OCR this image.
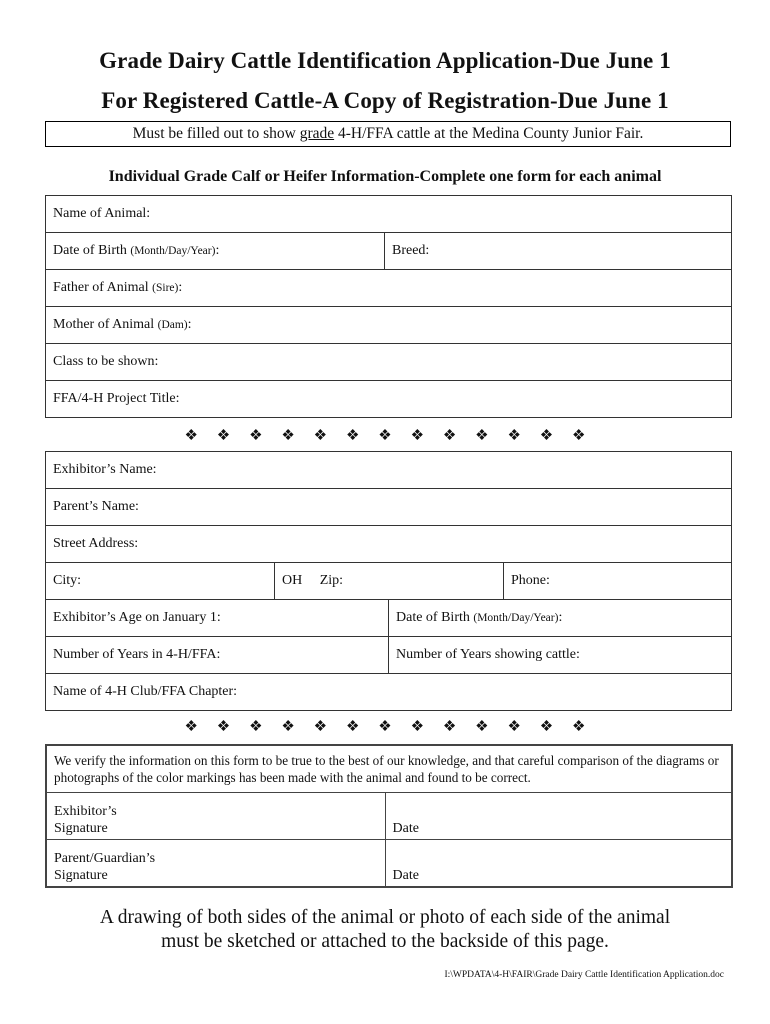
Grade Dairy Cattle Identification Application-Due June 1
For Registered Cattle-A Copy of Registration-Due June 1
Must be filled out to show grade 4-H/FFA cattle at the Medina County Junior Fair.
Individual Grade Calf or Heifer Information-Complete one form for each animal
Name of Animal:
Date of Birth (Month/Day/Year):	Breed:
Father of Animal (Sire):
Mother of Animal (Dam):
Class to be shown:
FFA/4-H Project Title:
❖ ❖ ❖ ❖ ❖ ❖ ❖ ❖ ❖ ❖ ❖ ❖ ❖
Exhibitor’s Name:			
Parent’s Name:			
Street Address:			
City:	OH Zip:		Phone:
Exhibitor’s Age on January 1:		Date of Birth (Month/Day/Year):	
Number of Years in 4-H/FFA:		Number of Years showing cattle:	
Name of 4-H Club/FFA Chapter:			
❖ ❖ ❖ ❖ ❖ ❖ ❖ ❖ ❖ ❖ ❖ ❖ ❖
We verify the information on this form to be true to the best of our knowledge, and that careful comparison of the diagrams or photographs of the color markings has been made with the animal and found to be correct.	
Exhibitor’s
Signature	Date
Parent/Guardian’s
Signature	Date
A drawing of both sides of the animal or photo of each side of the animal
must be sketched or attached to the backside of this page.
I:\WPDATA\4-H\FAIR\Grade Dairy Cattle Identification Application.doc
